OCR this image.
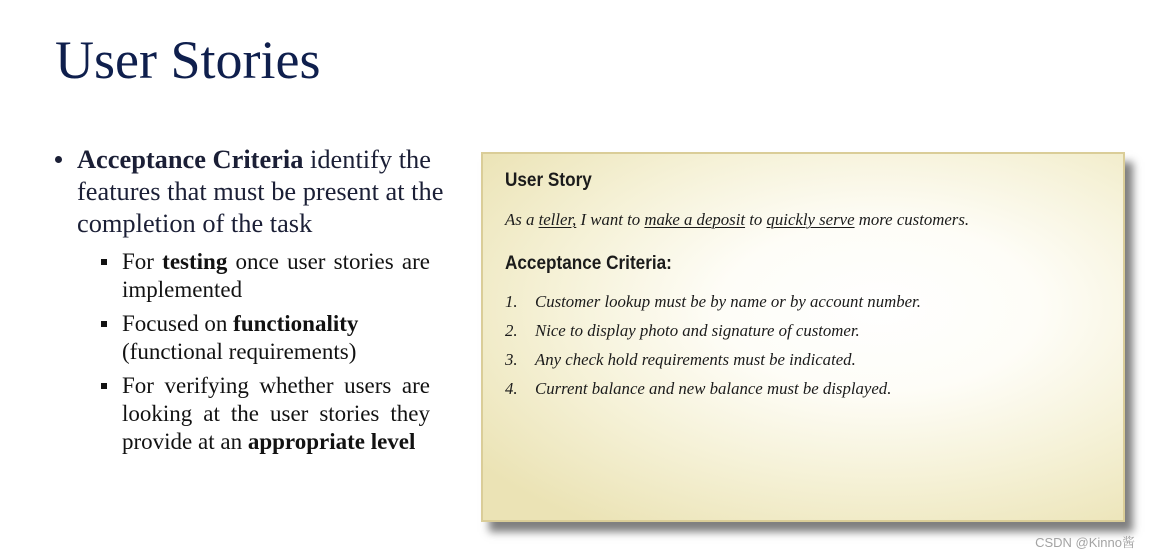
User Stories
Acceptance Criteria identify the features that must be present at the completion of the task
For testing once user stories are implemented
Focused on functionality (functional requirements)
For verifying whether users are looking at the user stories they provide at an appropriate level
User Story
As a teller, I want to make a deposit to quickly serve more customers.
Acceptance Criteria:
1.	Customer lookup must be by name or by account number.
2.	Nice to display photo and signature of customer.
3.	Any check hold requirements must be indicated.
4.	Current balance and new balance must be displayed.
CSDN @Kinno酱
